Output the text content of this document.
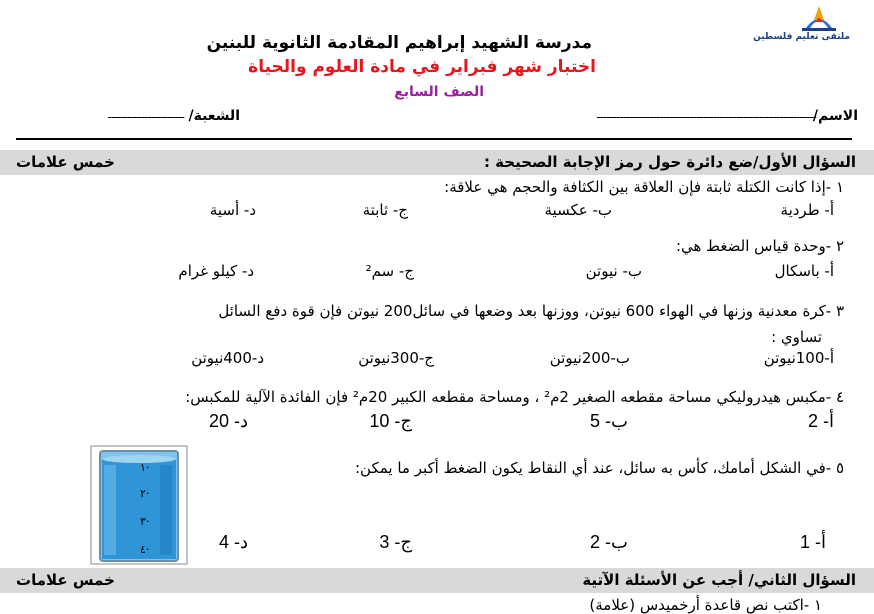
ملتقى تعليم فلسطين
مدرسة الشهيد إبراهيم المقادمة الثانوية للبنين
اختبار شهر فبراير في مادة العلوم والحياة
الصف السابع
الاسم/
------------------------------------------------------------------
الشعبة/
-----------------------
السؤال الأول/ضع دائرة حول رمز الإجابة الصحيحة :
خمس علامات
١ -إذا كانت الكتلة ثابتة فإن العلاقة بين الكثافة والحجم هي علاقة:
أ- طردية
ب- عكسية
ج- ثابتة
د- أسية
٢ -وحدة قياس الضغط هي:
أ- باسكال
ب- نيوتن
ج- سم²
د- كيلو غرام
٣ -كرة معدنية وزنها في الهواء 600 نيوتن، ووزنها بعد وضعها في سائل200 نيوتن فإن قوة دفع السائل
تساوي :
أ-100نيوتن
ب-200نيوتن
ج-300نيوتن
د-400نيوتن
٤ -مكبس هيدروليكي مساحة مقطعه الصغير 2م² ، ومساحة مقطعه الكبير 20م² فإن الفائدة الآلية للمكبس:
أ- 2
ب- 5
ج- 10
د- 20
٥ -في الشكل أمامك، كأس به سائل، عند أي النقاط يكون الضغط أكبر ما يمكن:
١·
٢·
٣·
٤·	أ- 1
ب- 2
ج- 3
د- 4
السؤال الثاني/ أجب عن الأسئلة الآتية
خمس علامات
١ -اكتب نص قاعدة أرخميدس (علامة)
